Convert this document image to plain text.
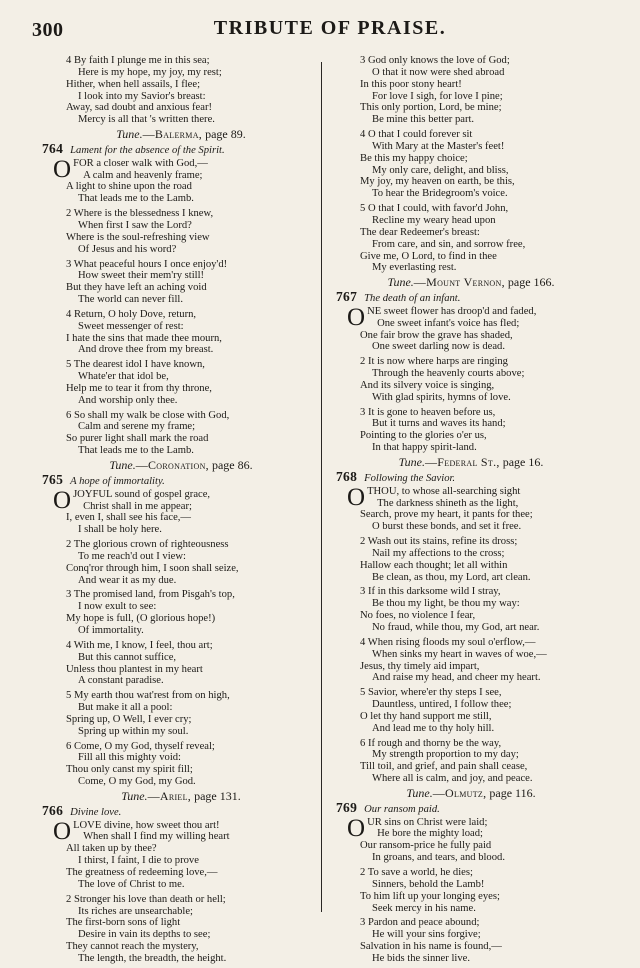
300	TRIBUTE OF PRAISE.
4 By faith I plunge me in this sea;
Here is my hope, my joy, my rest;
Hither, when hell assails, I flee;
I look into my Savior's breast:
Away, sad doubt and anxious fear!
Mercy is all that 's written there.
Tune.—Balerma, page 89.
764 Lament for the absence of the Spirit.
O FOR a closer walk with God,—
A calm and heavenly frame;
A light to shine upon the road
That leads me to the Lamb.
2 Where is the blessedness I knew,
When first I saw the Lord?
Where is the soul-refreshing view
Of Jesus and his word?
3 What peaceful hours I once enjoy'd!
How sweet their mem'ry still!
But they have left an aching void
The world can never fill.
4 Return, O holy Dove, return,
Sweet messenger of rest:
I hate the sins that made thee mourn,
And drove thee from my breast.
5 The dearest idol I have known,
Whate'er that idol be,
Help me to tear it from thy throne,
And worship only thee.
6 So shall my walk be close with God,
Calm and serene my frame;
So purer light shall mark the road
That leads me to the Lamb.
Tune.—Coronation, page 86.
765 A hope of immortality.
O JOYFUL sound of gospel grace,
Christ shall in me appear;
I, even I, shall see his face,—
I shall be holy here.
2 The glorious crown of righteousness
To me reach'd out I view:
Conq'ror through him, I soon shall seize,
And wear it as my due.
3 The promised land, from Pisgah's top,
I now exult to see:
My hope is full, (O glorious hope!)
Of immortality.
4 With me, I know, I feel, thou art;
But this cannot suffice,
Unless thou plantest in my heart
A constant paradise.
5 My earth thou wat'rest from on high,
But make it all a pool:
Spring up, O Well, I ever cry;
Spring up within my soul.
6 Come, O my God, thyself reveal;
Fill all this mighty void:
Thou only canst my spirit fill;
Come, O my God, my God.
Tune.—Ariel, page 131.
766 Divine love.
O LOVE divine, how sweet thou art!
When shall I find my willing heart
All taken up by thee?
I thirst, I faint, I die to prove
The greatness of redeeming love,—
The love of Christ to me.
2 Stronger his love than death or hell;
Its riches are unsearchable;
The first-born sons of light
Desire in vain its depths to see;
They cannot reach the mystery,
The length, the breadth, the height.
3 God only knows the love of God;
O that it now were shed abroad
In this poor stony heart!
For love I sigh, for love I pine;
This only portion, Lord, be mine;
Be mine this better part.
4 O that I could forever sit
With Mary at the Master's feet!
Be this my happy choice;
My only care, delight, and bliss,
My joy, my heaven on earth, be this,
To hear the Bridegroom's voice.
5 O that I could, with favor'd John,
Recline my weary head upon
The dear Redeemer's breast:
From care, and sin, and sorrow free,
Give me, O Lord, to find in thee
My everlasting rest.
Tune.—Mount Vernon, page 166.
767 The death of an infant.
O NE sweet flower has droop'd and faded,
One sweet infant's voice has fled;
One fair brow the grave has shaded,
One sweet darling now is dead.
2 It is now where harps are ringing
Through the heavenly courts above;
And its silvery voice is singing,
With glad spirits, hymns of love.
3 It is gone to heaven before us,
But it turns and waves its hand;
Pointing to the glories o'er us,
In that happy spirit-land.
Tune.—Federal St., page 16.
768 Following the Savior.
O THOU, to whose all-searching sight
The darkness shineth as the light,
Search, prove my heart, it pants for thee;
O burst these bonds, and set it free.
2 Wash out its stains, refine its dross;
Nail my affections to the cross;
Hallow each thought; let all within
Be clean, as thou, my Lord, art clean.
3 If in this darksome wild I stray,
Be thou my light, be thou my way:
No foes, no violence I fear,
No fraud, while thou, my God, art near.
4 When rising floods my soul o'erflow,—
When sinks my heart in waves of woe,—
Jesus, thy timely aid impart,
And raise my head, and cheer my heart.
5 Savior, where'er thy steps I see,
Dauntless, untired, I follow thee;
O let thy hand support me still,
And lead me to thy holy hill.
6 If rough and thorny be the way,
My strength proportion to my day;
Till toil, and grief, and pain shall cease,
Where all is calm, and joy, and peace.
Tune.—Olmutz, page 116.
769 Our ransom paid.
O UR sins on Christ were laid;
He bore the mighty load;
Our ransom-price he fully paid
In groans, and tears, and blood.
2 To save a world, he dies;
Sinners, behold the Lamb!
To him lift up your longing eyes;
Seek mercy in his name.
3 Pardon and peace abound;
He will your sins forgive;
Salvation in his name is found,—
He bids the sinner live.
